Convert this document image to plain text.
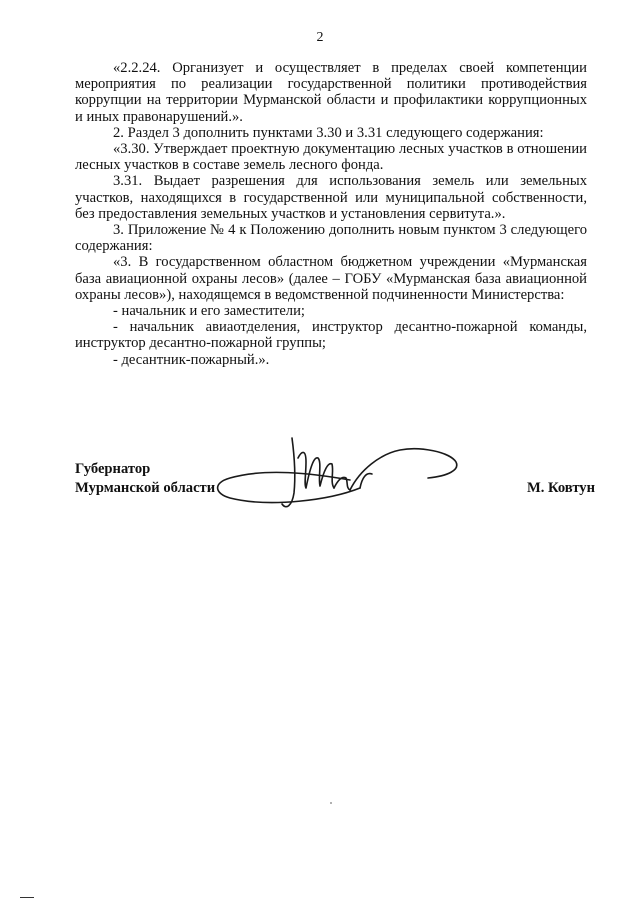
2

«2.2.24. Организует и осуществляет в пределах своей компетенции мероприятия по реализации государственной политики противодействия коррупции на территории Мурманской области и профилактики коррупционных и иных правонарушений.».

2. Раздел 3 дополнить пунктами 3.30 и 3.31 следующего содержания:

«3.30. Утверждает проектную документацию лесных участков в отношении лесных участков в составе земель лесного фонда.

3.31. Выдает разрешения для использования земель или земельных участков, находящихся в государственной или муниципальной собственности, без предоставления земельных участков и установления сервитута.».

3. Приложение № 4 к Положению дополнить новым пунктом 3 следующего содержания:

«3. В государственном областном бюджетном учреждении «Мурманская база авиационной охраны лесов» (далее – ГОБУ «Мурманская база авиационной охраны лесов»), находящемся в ведомственной подчиненности Министерства:

- начальник и его заместители;

- начальник авиаотделения, инструктор десантно-пожарной команды, инструктор десантно-пожарной группы;

- десантник-пожарный.».

Губернатор
Мурманской области	М. Ковтун
